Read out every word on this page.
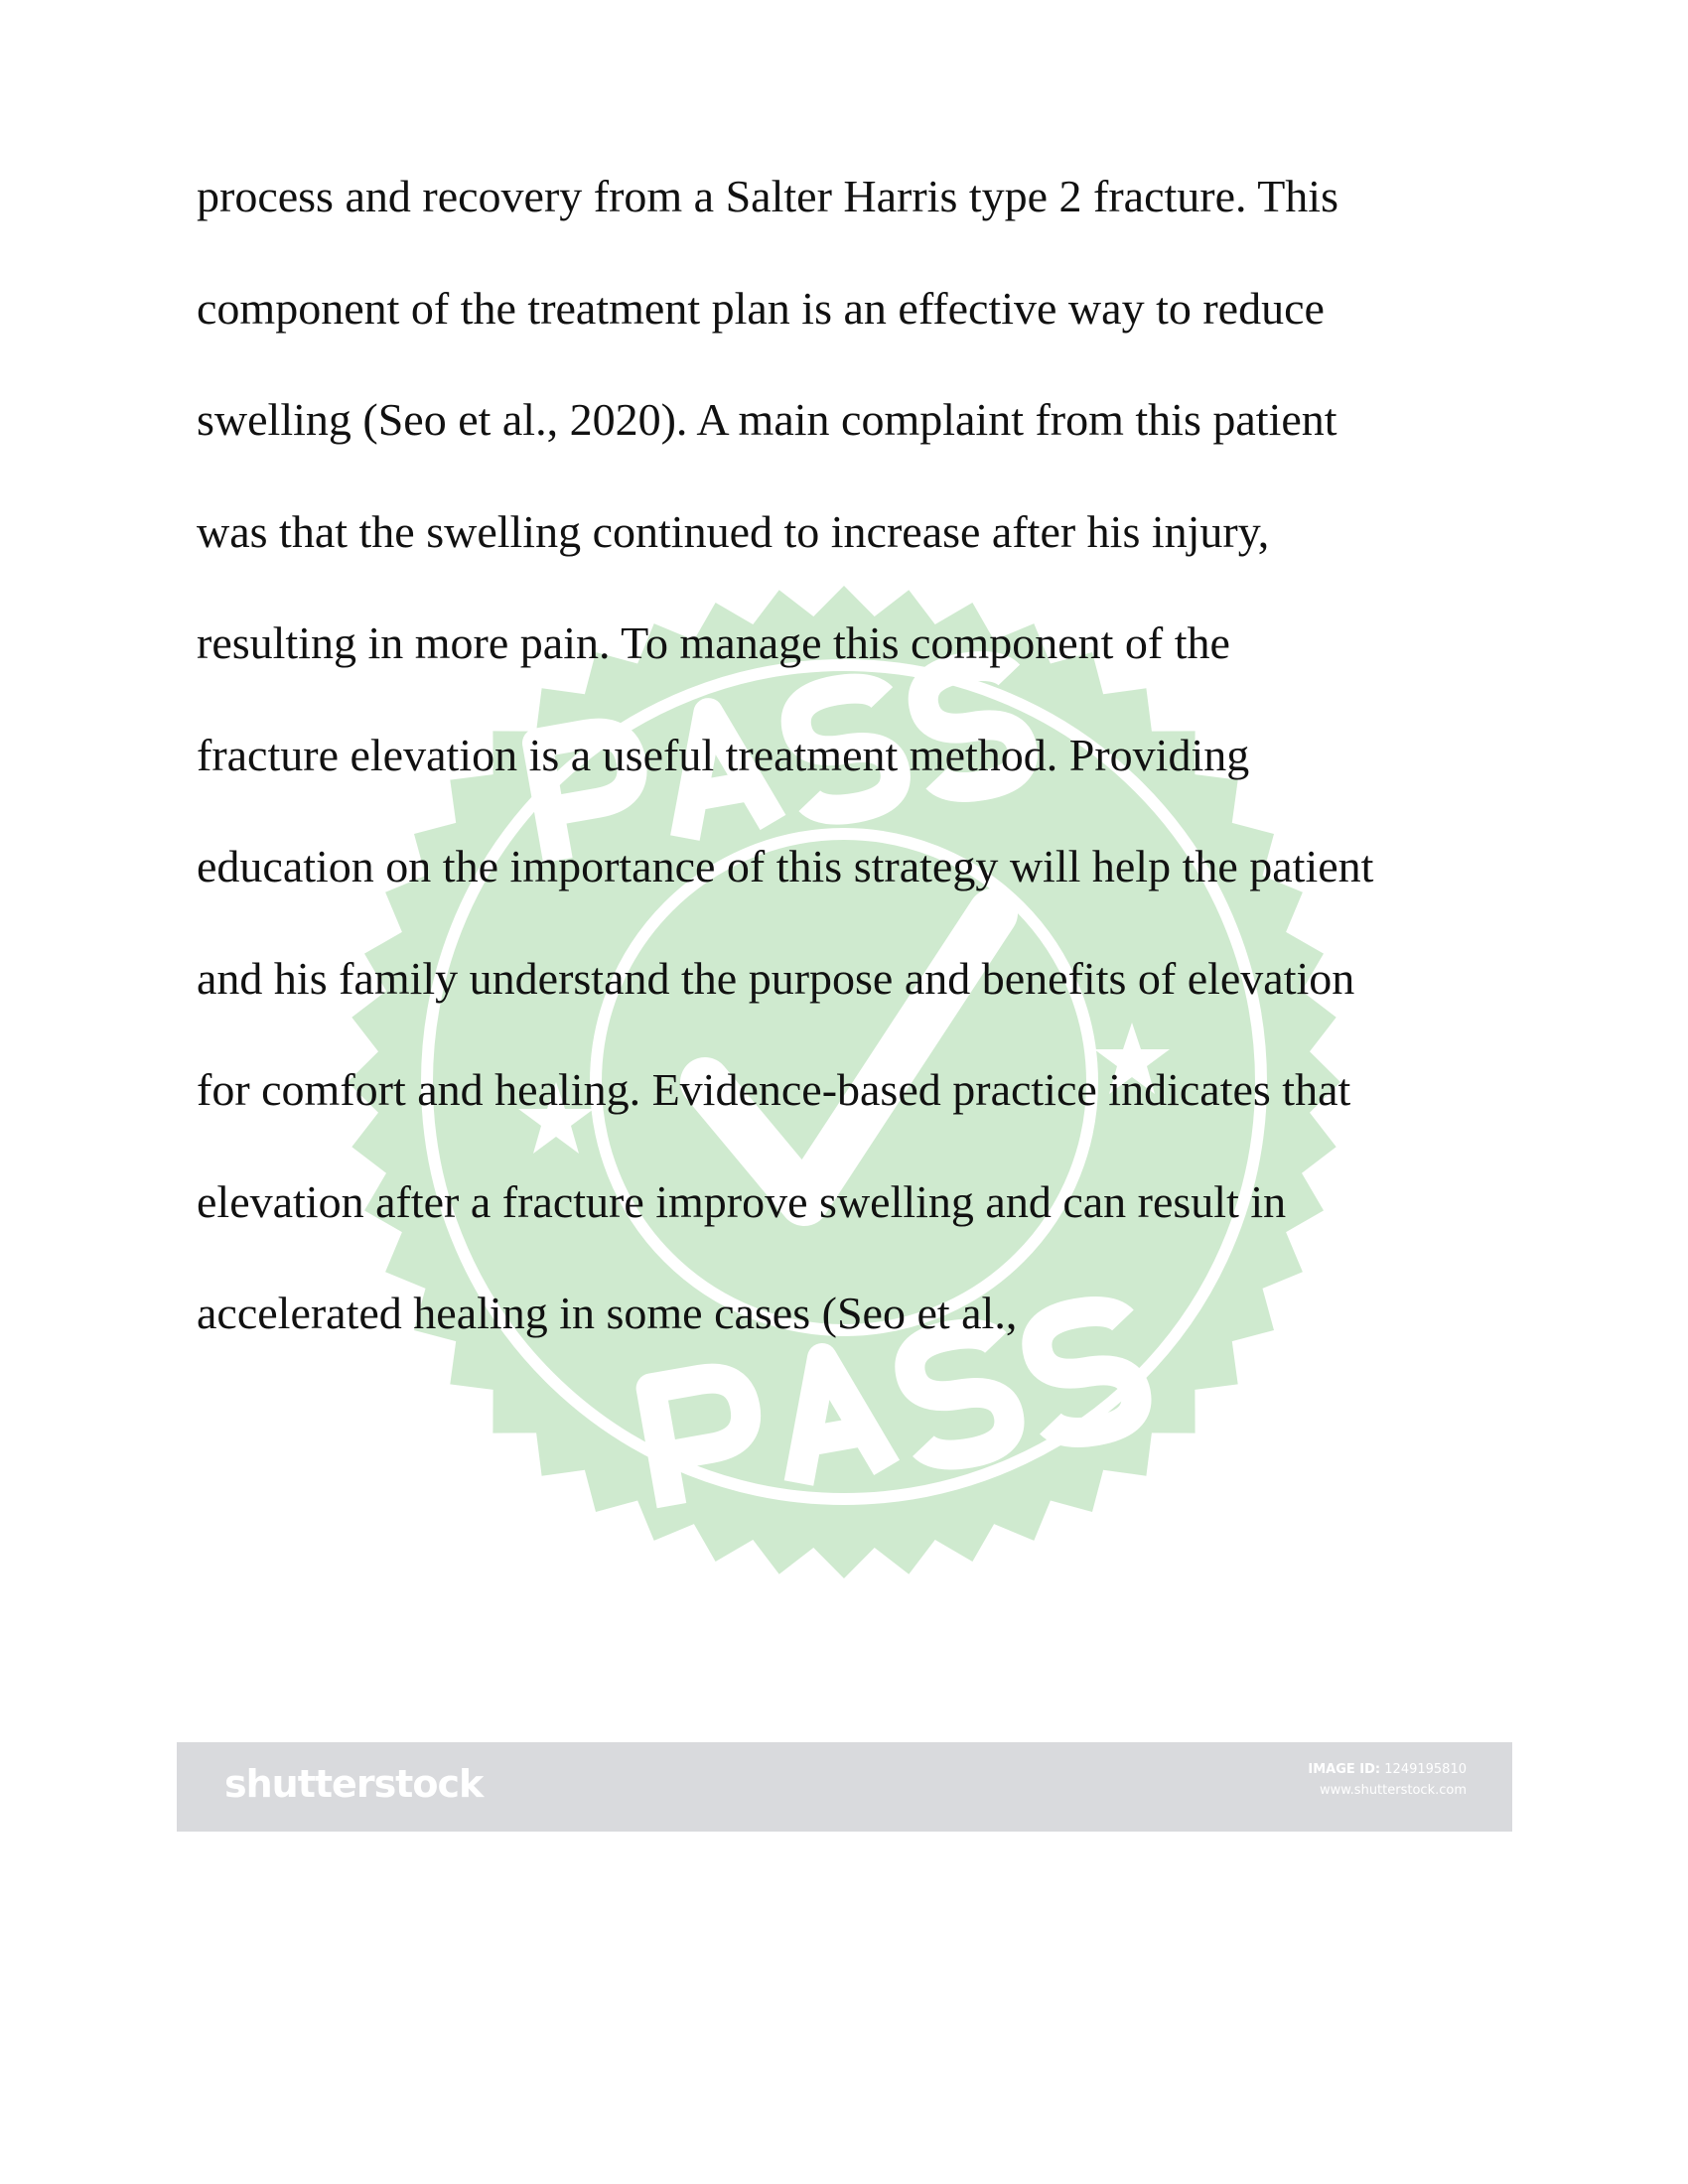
process and recovery from a Salter Harris type 2 fracture. This
component of the treatment plan is an effective way to reduce
swelling (Seo et al., 2020). A main complaint from this patient
was that the swelling continued to increase after his injury,
resulting in more pain. To manage this component of the
fracture elevation is a useful treatment method. Providing
education on the importance of this strategy will help the patient
and his family understand the purpose and benefits of elevation
for comfort and healing. Evidence-based practice indicates that
elevation after a fracture improve swelling and can result in
accelerated healing in some cases (Seo et al.,
shutterstock	IMAGE ID: 1249195810
www.shutterstock.com
